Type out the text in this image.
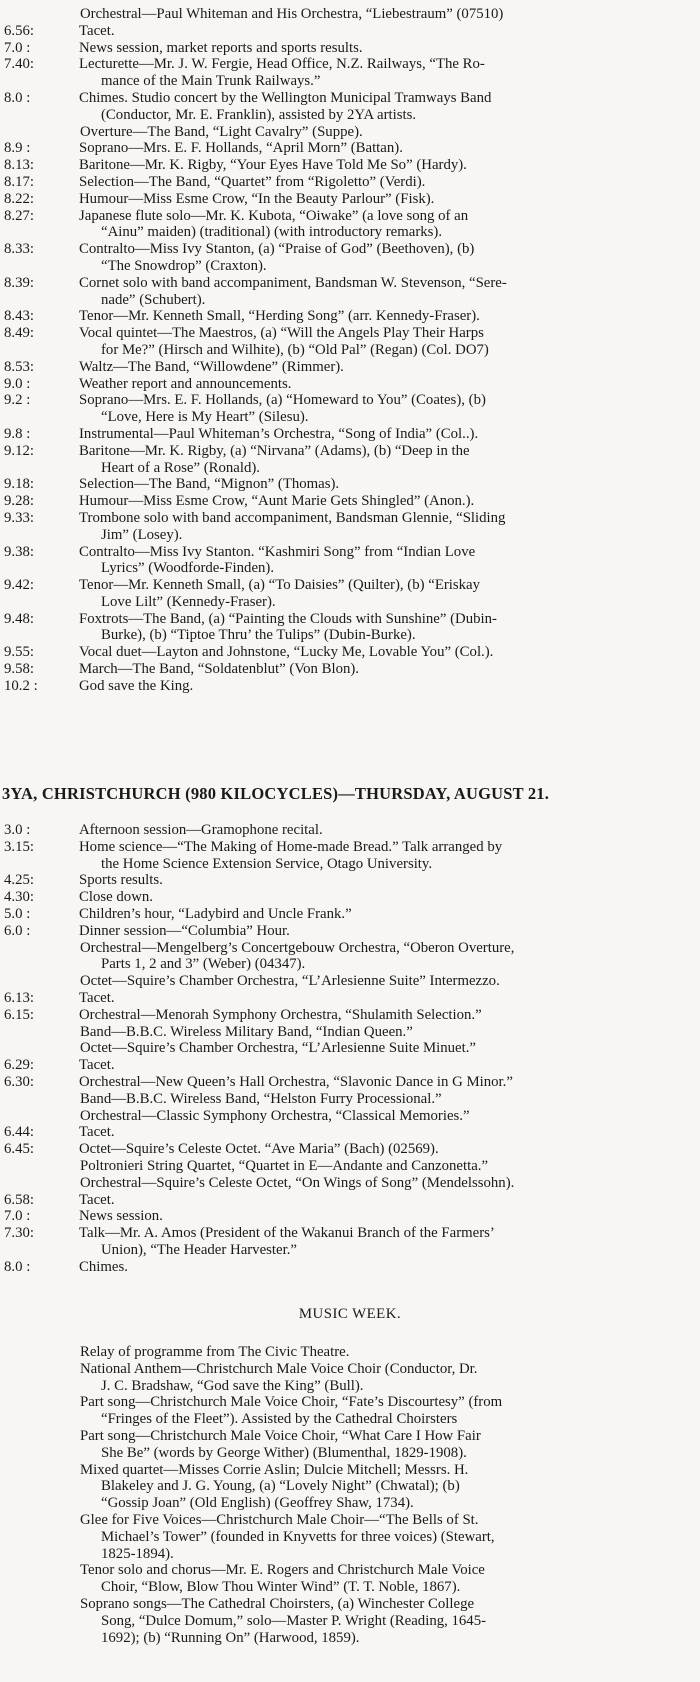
Orchestral—Paul Whiteman and His Orchestra, “Liebestraum” (07510)
6.56:	Tacet.
7.0 :	News session, market reports and sports results.
7.40:	Lecturette—Mr. J. W. Fergie, Head Office, N.Z. Railways, “The Ro-
mance of the Main Trunk Railways.”
8.0 :	Chimes. Studio concert by the Wellington Municipal Tramways Band
(Conductor, Mr. E. Franklin), assisted by 2YA artists.
Overture—The Band, “Light Cavalry” (Suppe).
8.9 :	Soprano—Mrs. E. F. Hollands, “April Morn” (Battan).
8.13:	Baritone—Mr. K. Rigby, “Your Eyes Have Told Me So” (Hardy).
8.17:	Selection—The Band, “Quartet” from “Rigoletto” (Verdi).
8.22:	Humour—Miss Esme Crow, “In the Beauty Parlour” (Fisk).
8.27:	Japanese flute solo—Mr. K. Kubota, “Oiwake” (a love song of an
“Ainu” maiden) (traditional) (with introductory remarks).
8.33:	Contralto—Miss Ivy Stanton, (a) “Praise of God” (Beethoven), (b)
“The Snowdrop” (Craxton).
8.39:	Cornet solo with band accompaniment, Bandsman W. Stevenson, “Sere-
nade” (Schubert).
8.43:	Tenor—Mr. Kenneth Small, “Herding Song” (arr. Kennedy-Fraser).
8.49:	Vocal quintet—The Maestros, (a) “Will the Angels Play Their Harps
for Me?” (Hirsch and Wilhite), (b) “Old Pal” (Regan) (Col. DO7)
8.53:	Waltz—The Band, “Willowdene” (Rimmer).
9.0 :	Weather report and announcements.
9.2 :	Soprano—Mrs. E. F. Hollands, (a) “Homeward to You” (Coates), (b)
“Love, Here is My Heart” (Silesu).
9.8 :	Instrumental—Paul Whiteman’s Orchestra, “Song of India” (Col..).
9.12:	Baritone—Mr. K. Rigby, (a) “Nirvana” (Adams), (b) “Deep in the
Heart of a Rose” (Ronald).
9.18:	Selection—The Band, “Mignon” (Thomas).
9.28:	Humour—Miss Esme Crow, “Aunt Marie Gets Shingled” (Anon.).
9.33:	Trombone solo with band accompaniment, Bandsman Glennie, “Sliding
Jim” (Losey).
9.38:	Contralto—Miss Ivy Stanton. “Kashmiri Song” from “Indian Love
Lyrics” (Woodforde-Finden).
9.42:	Tenor—Mr. Kenneth Small, (a) “To Daisies” (Quilter), (b) “Eriskay
Love Lilt” (Kennedy-Fraser).
9.48:	Foxtrots—The Band, (a) “Painting the Clouds with Sunshine” (Dubin-
Burke), (b) “Tiptoe Thru’ the Tulips” (Dubin-Burke).
9.55:	Vocal duet—Layton and Johnstone, “Lucky Me, Lovable You” (Col.).
9.58:	March—The Band, “Soldatenblut” (Von Blon).
10.2 :	God save the King.
3YA, CHRISTCHURCH (980 KILOCYCLES)—THURSDAY, AUGUST 21.
3.0 :	Afternoon session—Gramophone recital.
3.15:	Home science—“The Making of Home-made Bread.” Talk arranged by
the Home Science Extension Service, Otago University.
4.25:	Sports results.
4.30:	Close down.
5.0 :	Children’s hour, “Ladybird and Uncle Frank.”
6.0 :	Dinner session—“Columbia” Hour.
Orchestral—Mengelberg’s Concertgebouw Orchestra, “Oberon Overture,
Parts 1, 2 and 3” (Weber) (04347).
Octet—Squire’s Chamber Orchestra, “L’Arlesienne Suite” Intermezzo.
6.13:	Tacet.
6.15:	Orchestral—Menorah Symphony Orchestra, “Shulamith Selection.”
Band—B.B.C. Wireless Military Band, “Indian Queen.”
Octet—Squire’s Chamber Orchestra, “L’Arlesienne Suite Minuet.”
6.29:	Tacet.
6.30:	Orchestral—New Queen’s Hall Orchestra, “Slavonic Dance in G Minor.”
Band—B.B.C. Wireless Band, “Helston Furry Processional.”
Orchestral—Classic Symphony Orchestra, “Classical Memories.”
6.44:	Tacet.
6.45:	Octet—Squire’s Celeste Octet. “Ave Maria” (Bach) (02569).
Poltronieri String Quartet, “Quartet in E—Andante and Canzonetta.”
Orchestral—Squire’s Celeste Octet, “On Wings of Song” (Mendelssohn).
6.58:	Tacet.
7.0 :	News session.
7.30:	Talk—Mr. A. Amos (President of the Wakanui Branch of the Farmers’
Union), “The Header Harvester.”
8.0 :	Chimes.
MUSIC WEEK.
Relay of programme from The Civic Theatre.
National Anthem—Christchurch Male Voice Choir (Conductor, Dr.
J. C. Bradshaw, “God save the King” (Bull).
Part song—Christchurch Male Voice Choir, “Fate’s Discourtesy” (from
“Fringes of the Fleet”). Assisted by the Cathedral Choirsters
Part song—Christchurch Male Voice Choir, “What Care I How Fair
She Be” (words by George Wither) (Blumenthal, 1829-1908).
Mixed quartet—Misses Corrie Aslin; Dulcie Mitchell; Messrs. H.
Blakeley and J. G. Young, (a) “Lovely Night” (Chwatal); (b)
“Gossip Joan” (Old English) (Geoffrey Shaw, 1734).
Glee for Five Voices—Christchurch Male Choir—“The Bells of St.
Michael’s Tower” (founded in Knyvetts for three voices) (Stewart,
1825-1894).
Tenor solo and chorus—Mr. E. Rogers and Christchurch Male Voice
Choir, “Blow, Blow Thou Winter Wind” (T. T. Noble, 1867).
Soprano songs—The Cathedral Choirsters, (a) Winchester College
Song, “Dulce Domum,” solo—Master P. Wright (Reading, 1645-
1692); (b) “Running On” (Harwood, 1859).
